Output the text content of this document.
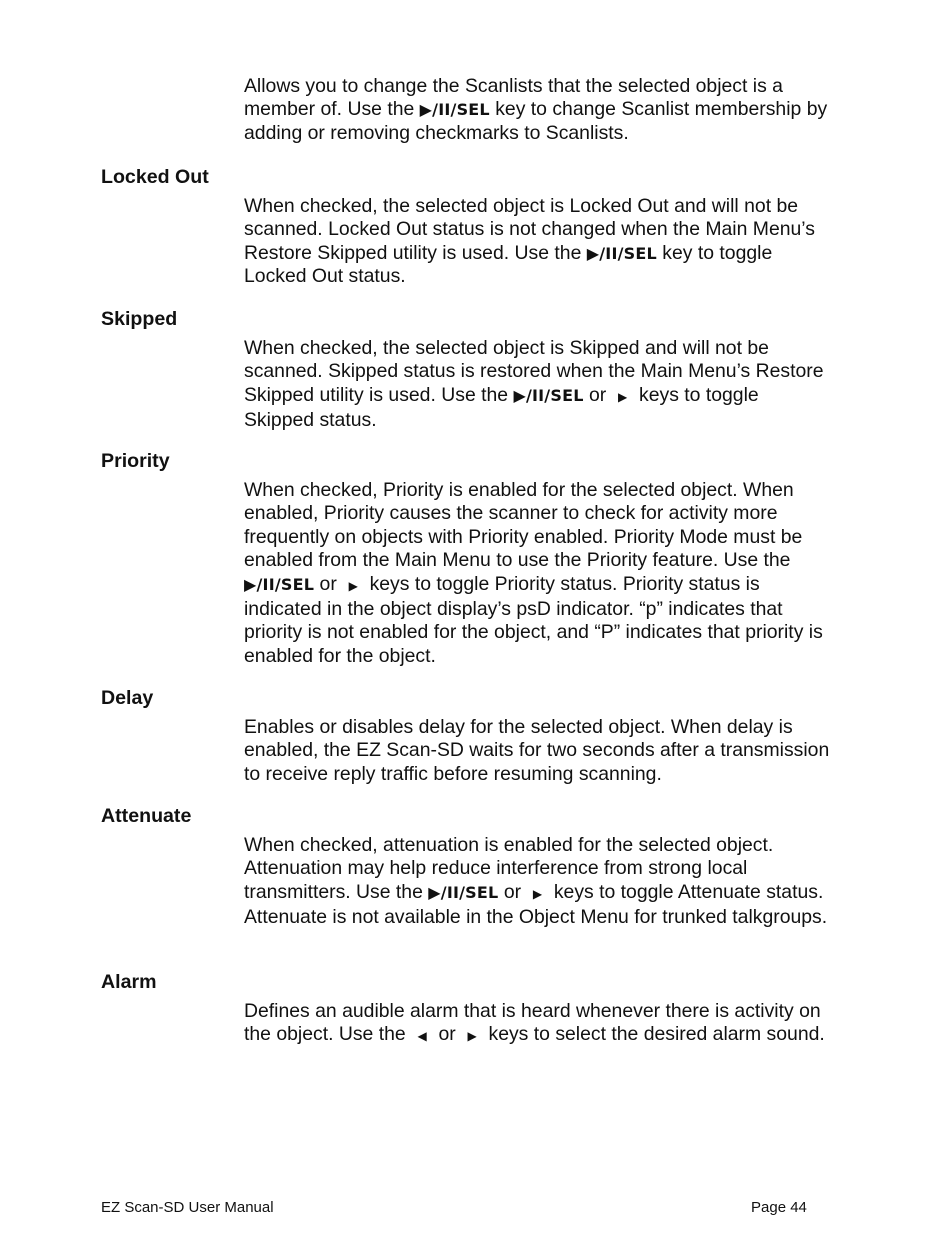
Allows you to change the Scanlists that the selected object is a member of. Use the ▶/II/SEL key to change Scanlist membership by adding or removing checkmarks to Scanlists.

Locked Out

When checked, the selected object is Locked Out and will not be scanned. Locked Out status is not changed when the Main Menu’s Restore Skipped utility is used. Use the ▶/II/SEL key to toggle Locked Out status.

Skipped

When checked, the selected object is Skipped and will not be scanned. Skipped status is restored when the Main Menu’s Restore Skipped utility is used. Use the ▶/II/SEL or ▶ keys to toggle Skipped status.

Priority

When checked, Priority is enabled for the selected object. When enabled, Priority causes the scanner to check for activity more frequently on objects with Priority enabled. Priority Mode must be enabled from the Main Menu to use the Priority feature. Use the ▶/II/SEL or ▶ keys to toggle Priority status. Priority status is indicated in the object display’s psD indicator. “p” indicates that priority is not enabled for the object, and “P” indicates that priority is enabled for the object.

Delay

Enables or disables delay for the selected object. When delay is enabled, the EZ Scan-SD waits for two seconds after a transmission to receive reply traffic before resuming scanning.

Attenuate

When checked, attenuation is enabled for the selected object. Attenuation may help reduce interference from strong local transmitters. Use the ▶/II/SEL or ▶ keys to toggle Attenuate status. Attenuate is not available in the Object Menu for trunked talkgroups.

Alarm

Defines an audible alarm that is heard whenever there is activity on the object. Use the ◀ or ▶ keys to select the desired alarm sound.

EZ Scan-SD User Manual	Page 44
